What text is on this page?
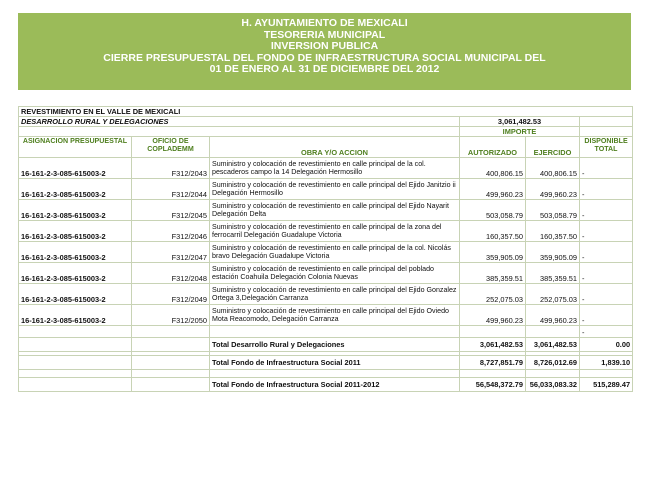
H. AYUNTAMIENTO DE MEXICALI
TESORERIA MUNICIPAL
INVERSION PUBLICA
CIERRE PRESUPUESTAL DEL FONDO DE INFRAESTRUCTURA SOCIAL MUNICIPAL DEL
01 DE ENERO AL 31 DE DICIEMBRE DEL 2012
REVESTIMIENTO EN EL VALLE DE MEXICALI					
DESARROLLO RURAL Y DELEGACIONES			3,061,482.53		
			IMPORTE		
ASIGNACION PRESUPUESTAL	OFICIO DE COPLADEMM	OBRA Y/O ACCION	AUTORIZADO	EJERCIDO	DISPONIBLE TOTAL
16-161-2-3-085-615003-2	F312/2043	Suministro y colocación de revestimiento en calle principal de la col. pescaderos campo la 14 Delegación Hermosillo	400,806.15	400,806.15	-
16-161-2-3-085-615003-2	F312/2044	Suministro y colocación de revestimiento en calle principal del Ejido Janitzio ii Delegación Hermosillo	499,960.23	499,960.23	-
16-161-2-3-085-615003-2	F312/2045	Suministro y colocación de revestimiento en calle principal del Ejido Nayarit Delegación Delta	503,058.79	503,058.79	-
16-161-2-3-085-615003-2	F312/2046	Suministro y colocación de revestimiento en calle principal de la zona del ferrocarril Delegación Guadalupe Victoria	160,357.50	160,357.50	-
16-161-2-3-085-615003-2	F312/2047	Suministro y colocación de revestimiento en calle principal de la col. Nicolás bravo Delegación Guadalupe Victoria	359,905.09	359,905.09	-
16-161-2-3-085-615003-2	F312/2048	Suministro y colocación de revestimiento en calle principal del poblado estación Coahuila Delegación Colonia Nuevas	385,359.51	385,359.51	-
16-161-2-3-085-615003-2	F312/2049	Suministro y colocación de revestimiento en calle principal del Ejido Gonzalez Ortega 3,Delegación Carranza	252,075.03	252,075.03	-
16-161-2-3-085-615003-2	F312/2050	Suministro y colocación de revestimiento en calle principal del Ejido Oviedo Mota Reacomodo, Delegación Carranza	499,960.23	499,960.23	-
					-
		Total Desarrollo Rural y Delegaciones	3,061,482.53	3,061,482.53	0.00

		Total Fondo de Infraestructura Social 2011	8,727,851.79	8,726,012.69	1,839.10

		Total Fondo de Infraestructura Social 2011-2012	56,548,372.79	56,033,083.32	515,289.47
